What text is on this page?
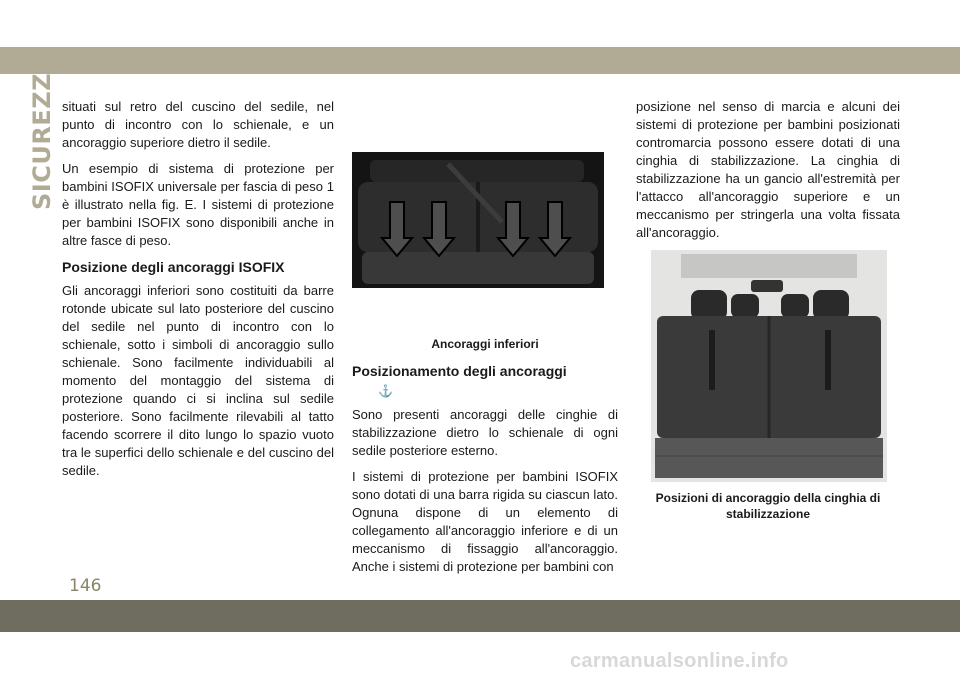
SICUREZZA situati sul retro del cuscino del sedile, nel punto di incontro con lo schienale, e un ancoraggio superiore dietro il sedile.

Un esempio di sistema di protezione per bambini ISOFIX universale per fascia di peso 1 è illustrato nella fig. E. I sistemi di protezione per bambini ISOFIX sono disponibili anche in altre fasce di peso.

Posizione degli ancoraggi ISOFIX

Gli ancoraggi inferiori sono costituiti da barre rotonde ubicate sul lato posteriore del cuscino del sedile nel punto di incontro con lo schienale, sotto i simboli di ancoraggio sullo schienale. Sono facilmente individuabili al momento del montaggio del sistema di protezione quando ci si inclina sul sedile posteriore. Sono facilmente rilevabili al tatto facendo scorrere il dito lungo lo spazio vuoto tra le superfici dello schienale e del cuscino del sedile.

Ancoraggi inferiori
Posizionamento degli ancoraggi
⚓

Sono presenti ancoraggi delle cinghie di stabilizzazione dietro lo schienale di ogni sedile posteriore esterno.

I sistemi di protezione per bambini ISOFIX sono dotati di una barra rigida su ciascun lato. Ognuna dispone di un elemento di collegamento all'ancoraggio inferiore e di un meccanismo di fissaggio all'ancoraggio. Anche i sistemi di protezione per bambini con

posizione nel senso di marcia e alcuni dei sistemi di protezione per bambini posizionati contromarcia possono essere dotati di una cinghia di stabilizzazione. La cinghia di stabilizzazione ha un gancio all'estremità per l'attacco all'ancoraggio superiore e un meccanismo per stringerla una volta fissata all'ancoraggio.

Posizioni di ancoraggio della cinghia di stabilizzazione
146
carmanualsonline.info
